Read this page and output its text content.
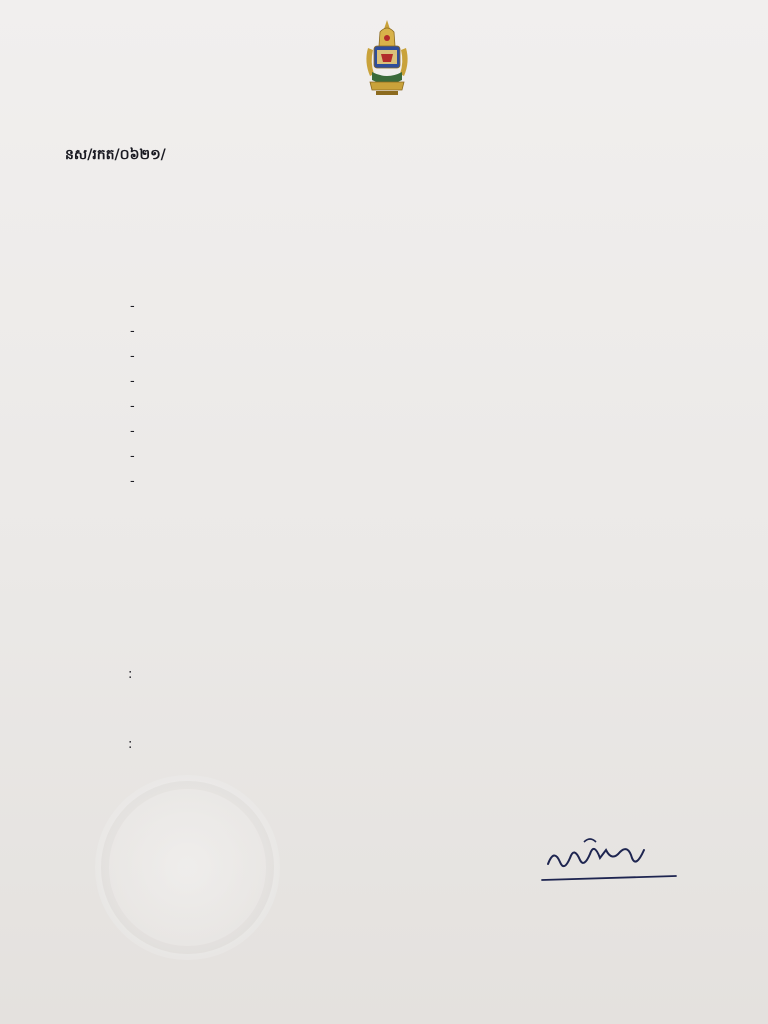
នស/រកត/០៦២១/
-
-
-
-
-
-
-
-
:
:
